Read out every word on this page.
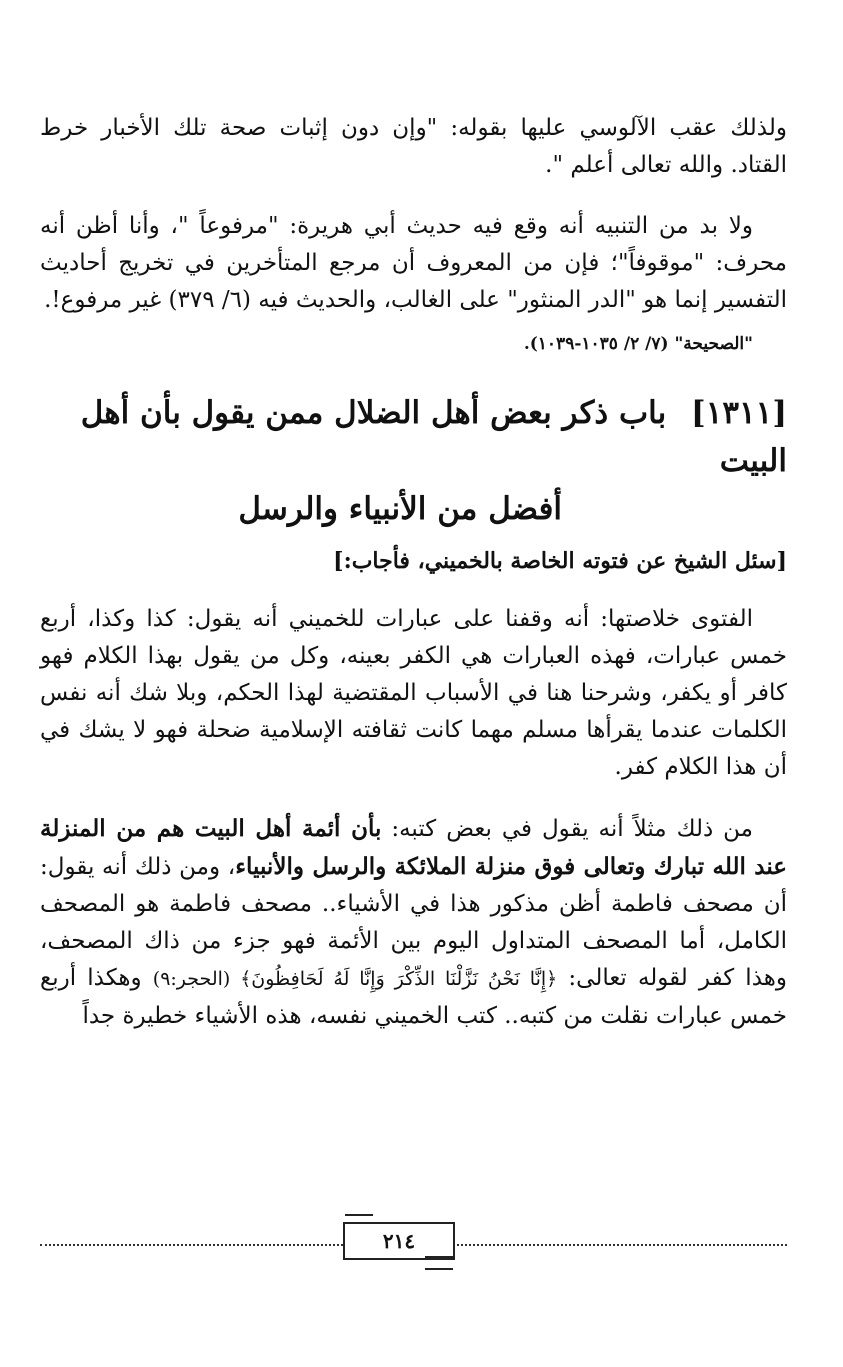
ولذلك عقب الآلوسي عليها بقوله: "وإن دون إثبات صحة تلك الأخبار خرط القتاد. والله تعالى أعلم ".

ولا بد من التنبيه أنه وقع فيه حديث أبي هريرة: "مرفوعاً "، وأنا أظن أنه محرف: "موقوفاً"؛ فإن من المعروف أن مرجع المتأخرين في تخريج أحاديث التفسير إنما هو "الدر المنثور" على الغالب، والحديث فيه (٦/ ٣٧٩) غير مرفوع!.

"الصحيحة" (٧/ ٢/ ١٠٣٥-١٠٣٩).

[١٣١١] باب ذكر بعض أهل الضلال ممن يقول بأن أهل البيت
أفضل من الأنبياء والرسل

[سئل الشيخ عن فتوته الخاصة بالخميني، فأجاب:]

الفتوى خلاصتها: أنه وقفنا على عبارات للخميني أنه يقول: كذا وكذا، أربع خمس عبارات، فهذه العبارات هي الكفر بعينه، وكل من يقول بهذا الكلام فهو كافر أو يكفر، وشرحنا هنا في الأسباب المقتضية لهذا الحكم، وبلا شك أنه نفس الكلمات عندما يقرأها مسلم مهما كانت ثقافته الإسلامية ضحلة فهو لا يشك في أن هذا الكلام كفر.

من ذلك مثلاً أنه يقول في بعض كتبه: بأن أئمة أهل البيت هم من المنزلة عند الله تبارك وتعالى فوق منزلة الملائكة والرسل والأنبياء، ومن ذلك أنه يقول: أن مصحف فاطمة أظن مذكور هذا في الأشياء.. مصحف فاطمة هو المصحف الكامل، أما المصحف المتداول اليوم بين الأئمة فهو جزء من ذاك المصحف، وهذا كفر لقوله تعالى: ﴿إِنَّا نَحْنُ نَزَّلْنَا الذِّكْرَ وَإِنَّا لَهُ لَحَافِظُونَ﴾ (الحجر:٩) وهكذا أربع خمس عبارات نقلت من كتبه.. كتب الخميني نفسه، هذه الأشياء خطيرة جداً

٢١٤
